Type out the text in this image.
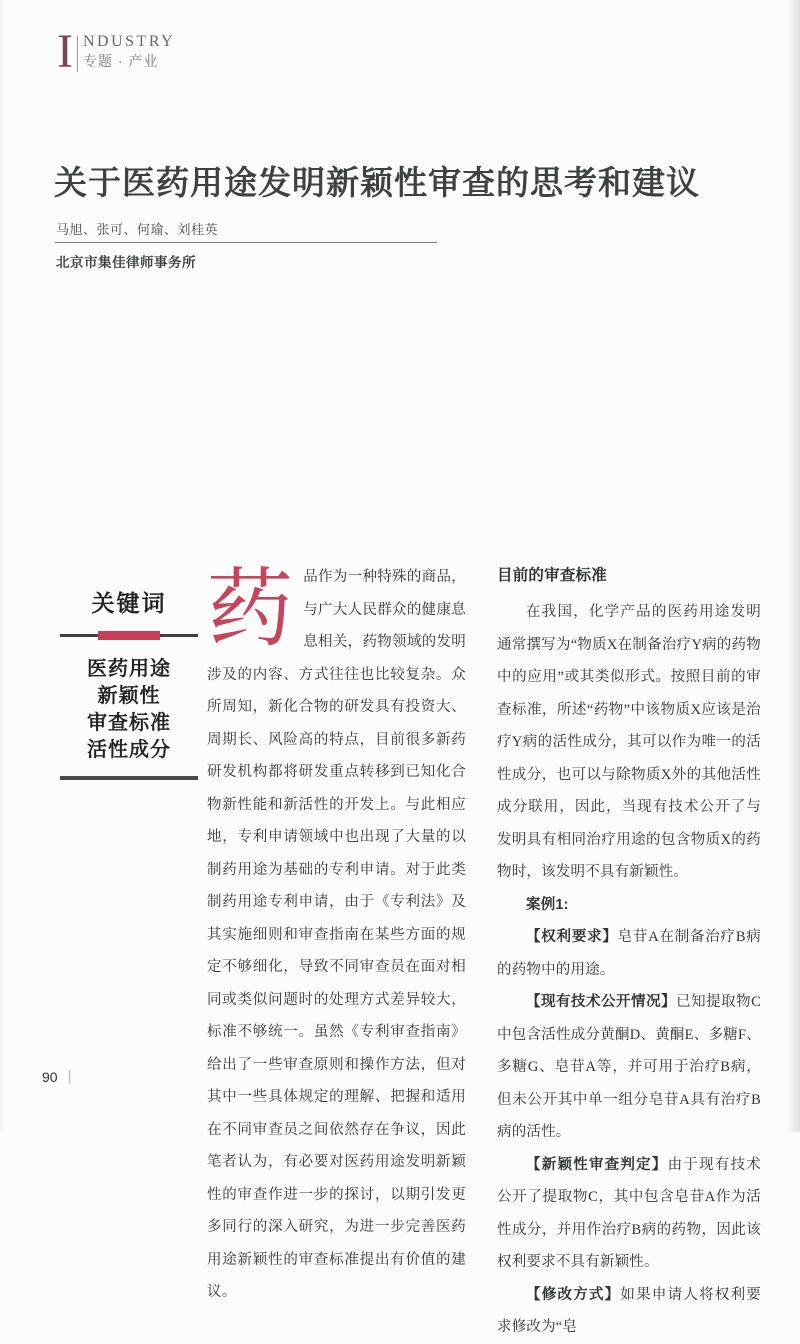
I NDUSTRY
专题 · 产业
关于医药用途发明新颖性审查的思考和建议
马旭、张可、何瑜、刘桂英
北京市集佳律师事务所
关键词
医药用途
新颖性
审查标准
活性成分
药品作为一种特殊的商品，与广大人民群众的健康息息相关，药物领域的发明涉及的内容、方式往往也比较复杂。众所周知，新化合物的研发具有投资大、周期长、风险高的特点，目前很多新药研发机构都将研发重点转移到已知化合物新性能和新活性的开发上。与此相应地，专利申请领域中也出现了大量的以制药用途为基础的专利申请。对于此类制药用途专利申请，由于《专利法》及其实施细则和审查指南在某些方面的规定不够细化，导致不同审查员在面对相同或类似问题时的处理方式差异较大，标准不够统一。虽然《专利审查指南》给出了一些审查原则和操作方法，但对其中一些具体规定的理解、把握和适用在不同审查员之间依然存在争议，因此笔者认为，有必要对医药用途发明新颖性的审查作进一步的探讨，以期引发更多同行的深入研究，为进一步完善医药用途新颖性的审查标准提出有价值的建议。
目前的审查标准

在我国，化学产品的医药用途发明通常撰写为“物质X在制备治疗Y病的药物中的应用”或其类似形式。按照目前的审查标准，所述“药物”中该物质X应该是治疗Y病的活性成分，其可以作为唯一的活性成分，也可以与除物质X外的其他活性成分联用，因此，当现有技术公开了与发明具有相同治疗用途的包含物质X的药物时，该发明不具有新颖性。

案例1:

【权利要求】皂苷A在制备治疗B病的药物中的用途。

【现有技术公开情况】已知提取物C中包含活性成分黄酮D、黄酮E、多糖F、多糖G、皂苷A等，并可用于治疗B病，但未公开其中单一组分皂苷A具有治疗B病的活性。

【新颖性审查判定】由于现有技术公开了提取物C，其中包含皂苷A作为活性成分，并用作治疗B病的药物，因此该权利要求不具有新颖性。

【修改方式】如果申请人将权利要求修改为“皂

90 |
